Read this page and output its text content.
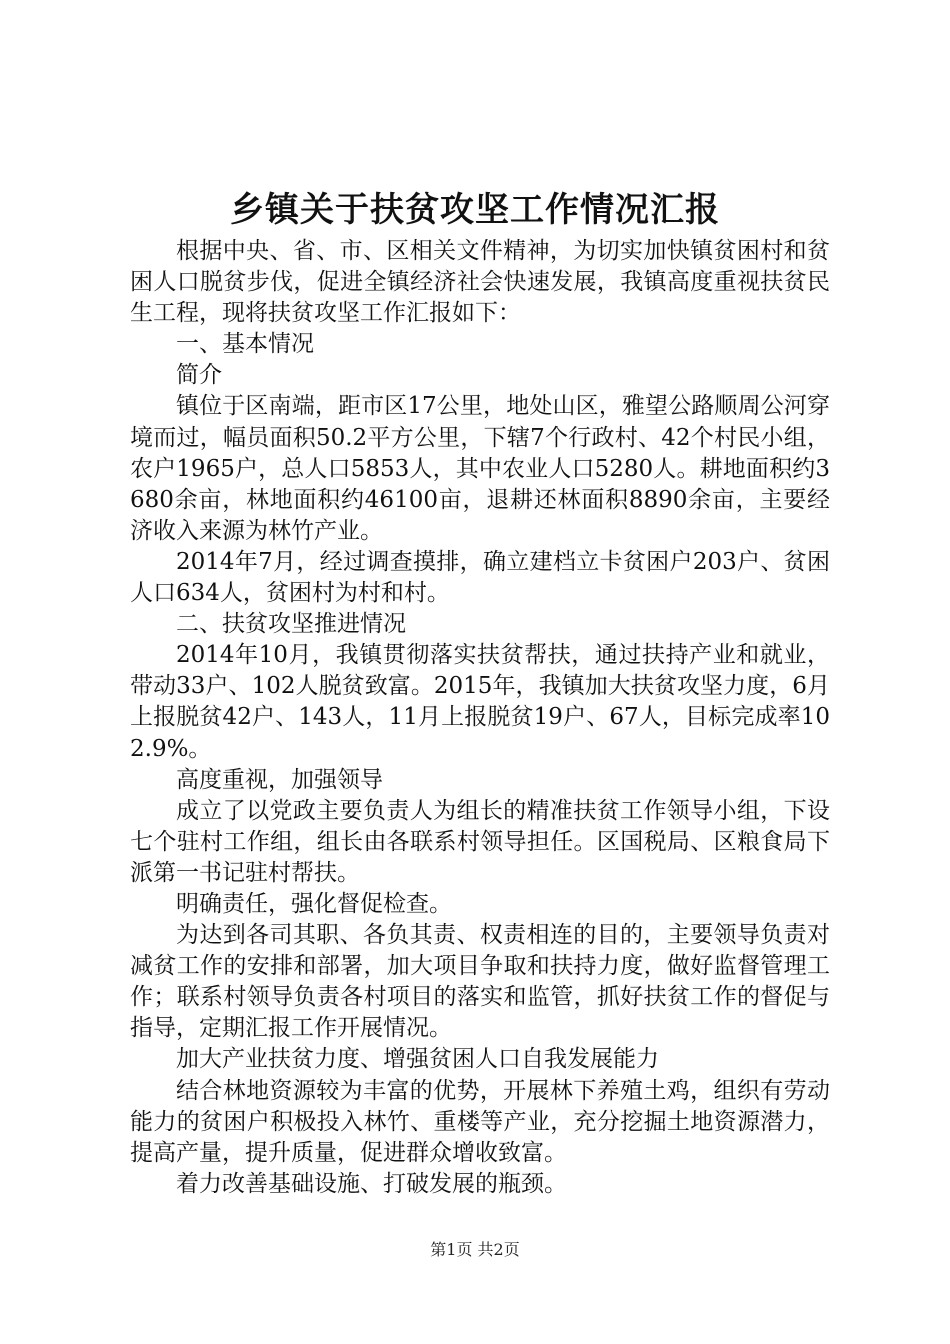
乡镇关于扶贫攻坚工作情况汇报

根据中央、省、市、区相关文件精神，为切实加快镇贫困村和贫困人口脱贫步伐，促进全镇经济社会快速发展，我镇高度重视扶贫民生工程，现将扶贫攻坚工作汇报如下：

一、基本情况

简介

镇位于区南端，距市区17公里，地处山区，雅望公路顺周公河穿境而过，幅员面积50.2平方公里，下辖7个行政村、42个村民小组，农户1965户，总人口5853人，其中农业人口5280人。耕地面积约3680余亩，林地面积约46100亩，退耕还林面积8890余亩，主要经济收入来源为林竹产业。

2014年7月，经过调查摸排，确立建档立卡贫困户203户、贫困人口634人，贫困村为村和村。

二、扶贫攻坚推进情况

2014年10月，我镇贯彻落实扶贫帮扶，通过扶持产业和就业，带动33户、102人脱贫致富。2015年，我镇加大扶贫攻坚力度，6月上报脱贫42户、143人，11月上报脱贫19户、67人，目标完成率102.9%。

高度重视，加强领导

成立了以党政主要负责人为组长的精准扶贫工作领导小组，下设七个驻村工作组，组长由各联系村领导担任。区国税局、区粮食局下派第一书记驻村帮扶。

明确责任，强化督促检查。

为达到各司其职、各负其责、权责相连的目的，主要领导负责对减贫工作的安排和部署，加大项目争取和扶持力度，做好监督管理工作；联系村领导负责各村项目的落实和监管，抓好扶贫工作的督促与指导，定期汇报工作开展情况。

加大产业扶贫力度、增强贫困人口自我发展能力

结合林地资源较为丰富的优势，开展林下养殖土鸡，组织有劳动能力的贫困户积极投入林竹、重楼等产业，充分挖掘土地资源潜力，提高产量，提升质量，促进群众增收致富。

着力改善基础设施、打破发展的瓶颈。

第1页 共2页
